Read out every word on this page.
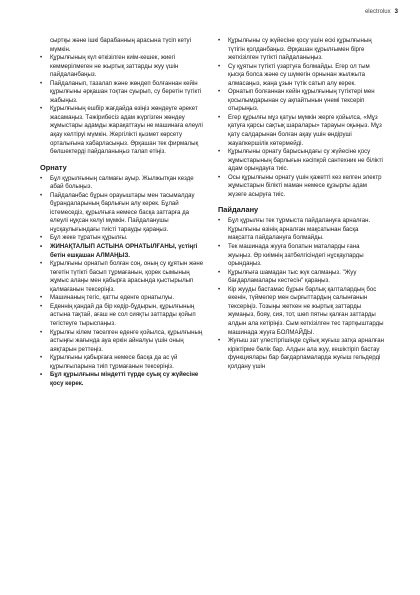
electrolux 3
сыртқы және ішкі барабанның арасына түсіп кетуі мүмкін.
• Құрылғының күл өткізілген киім-кешек, жиегі кеммерілмеген не жыртық заттарды жуу үшін пайдаланбаңыз.
• Пайдаланып, тазалап және жөндеп болғаннан кейін құрылғыны әрқашан тоқтан суырып, су беретін түтікті жабыңыз.
• Құрылғының ешбір жағдайда өзіңіз жөндеуге әрекет жасамаңыз. Тәжірибесіз адам жүргізген жөндеу жұмыстары адамды жарақаттауы не машинаға елеулі ақау келтіруі мүмкін. Жергілікті қызмет көрсету орталығына хабарласыңыз. Әрқашан тек фирмалық бөлшектерді пайдаланыңыз талап етіңіз.
Орнату
• Бұл құрылғының салмағы ауыр. Жылжытқан кезде абай болыңыз.
• Пайдаланбас бұрын орауыштары мен тасымалдау бұрандаларының барлығын алу керек. Бұлай істемеседіз, құрылғыға немесе басқа заттарға да елеулі нұқсан келуі мүмкін. Пайдаланушы нұсқаулығындағы тиісті тарауды қараңыз.
• Бұл жеке тұратын құрылғы.
• ЖИНАҚТАЛЫП АСТЫНА ОРНАТЫЛҒАНЫ, үстіңгі бетін ешқашан АЛМАҢЫЗ.
• Құрылғыны орнатып болған соң, оның су құятын және төгетін түтікті басып тұрмағанын, қорек сымының жұмыс алаңы мен қабырға арасында қыстырылып қалмағанын тексеріңіз.
• Машинаның тегіс, қатты еденге орнатылуы.
• Еденнің қандай да бір кедір-бұдырын, құрылғының астына тақтай, ағаш не сол сияқты заттарды қойып тегістеуге тырыспаңыз.
• Құрылғы кілем төселген еденге қойылса, құрылғының астыңғы жағында ауа еркін айналуы үшін оның аяқтарын реттеңіз.
• Құрылғыны қабырғаға немесе басқа да ас үй құрылғыларына тиіп тұрмағанын тексеріңіз.
• Бұл құрылғыны міндетті түрде суық су жүйесіне қосу керек.
• Құрылғыны су жүйесіне қосу үшін ескі құрылғының түтігін қолданбаңыз. Әрқашан құрылғымен бірге жеткізілген түтікті пайдаланыңыз.
• Су құятын түтікті үзартуға болмайды. Егер ол тым қысқа болса және су шүмегін орнынан жылжыта алмасаңыз, жаңа ұзын түтік сатып алу керек.
• Орнатып болғаннан кейін құрылғының түтіктері мен қосылымдарынан су ақпайтынын үнемі тексеріп отырыңыз.
• Егер құрылғы мұз қатуы мүмкін жерге қойылса, «Мұз қатуға қарсы сақтық шаралары» тарауын оқыңыз. Мұз қату салдарынан болған ақау үшін өндіруші жауапкершілік көтермейді.
• Құрылғыны орнату барысындағы су жүйесіне қосу жұмыстарының барлығын кәсіпқой сантехник не білікті адам орындауға тиіс.
• Осы құрылғыны орнату үшін қажетті кез келген электр жұмыстарын білікті маман немесе құзырлы адам жүзеге асыруға тиіс.
Пайдалану
• Бұл құрылғы тек тұрмыста пайдалануға арналған. Құрылғыны өзінің арналған мақсатынан басқа мақсатта пайдалануға болмайды.
• Тек машинада жууға болатын маталарды ғана жуыңыз. Әр киімнің затбелгісіндегі нұсқауларды орындаңыз.
• Құрылғыға шамадан тыс жүк салмаңыз. "Жуу бағдарламалары кестесін" қараңыз.
• Кір жууды бастамас бұрын барлық қалталардың бос екенін, түймелер мен сырғыттардың салынғанын тексеріңіз. Тозыңы жеткен не жыртық заттарды жумаңыз, бояу, сия, тот, шөп пятны қалған заттарды алдын ала кетіріңіз. Сым кеткізілген тес тартқыштарды машинада жууға БОЛМАЙДЫ.
• Жуғыш зат үлестіргішінде сұйық жуғыш затқа арналған кіріктірме бөлік бар. Алдын ала жуу, кешіктіріп бастау функциялары бар бағдарламаларда жуғыш гельдерді қолдану үшін
